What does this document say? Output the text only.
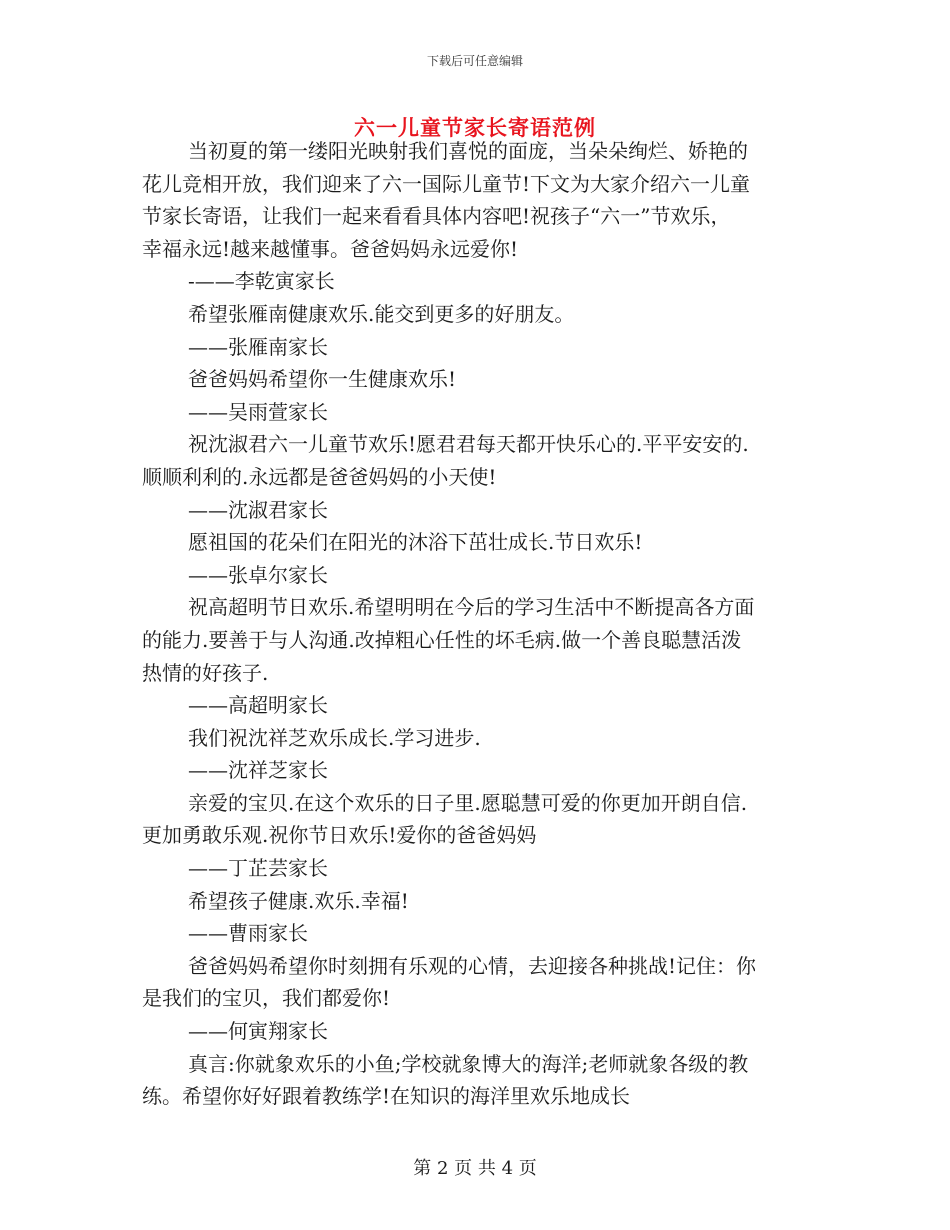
下载后可任意编辑
六一儿童节家长寄语范例
当初夏的第一缕阳光映射我们喜悦的面庞，当朵朵绚烂、娇艳的
花儿竞相开放，我们迎来了六一国际儿童节!下文为大家介绍六一儿童
节家长寄语，让我们一起来看看具体内容吧!祝孩子“六一”节欢乐，
幸福永远!越来越懂事。爸爸妈妈永远爱你!
-——李乾寅家长
希望张雁南健康欢乐.能交到更多的好朋友。
——张雁南家长
爸爸妈妈希望你一生健康欢乐!
——吴雨萱家长
祝沈淑君六一儿童节欢乐!愿君君每天都开快乐心的.平平安安的.
顺顺利利的.永远都是爸爸妈妈的小天使!
——沈淑君家长
愿祖国的花朵们在阳光的沐浴下茁壮成长.节日欢乐!
——张卓尔家长
祝高超明节日欢乐.希望明明在今后的学习生活中不断提高各方面
的能力.要善于与人沟通.改掉粗心任性的坏毛病.做一个善良聪慧活泼
热情的好孩子.
——高超明家长
我们祝沈祥芝欢乐成长.学习进步.
——沈祥芝家长
亲爱的宝贝.在这个欢乐的日子里.愿聪慧可爱的你更加开朗自信.
更加勇敢乐观.祝你节日欢乐!爱你的爸爸妈妈
——丁芷芸家长
希望孩子健康.欢乐.幸福!
——曹雨家长
爸爸妈妈希望你时刻拥有乐观的心情，去迎接各种挑战!记住：你
是我们的宝贝，我们都爱你!
——何寅翔家长
真言:你就象欢乐的小鱼;学校就象博大的海洋;老师就象各级的教
练。希望你好好跟着教练学!在知识的海洋里欢乐地成长
第 2 页 共 4 页
